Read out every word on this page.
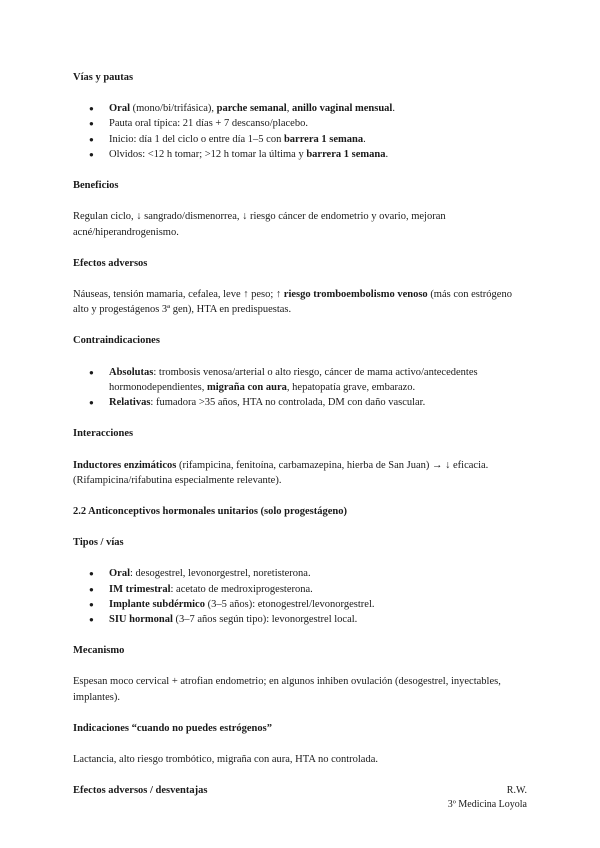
Vías y pautas
● Oral (mono/bi/trifásica), parche semanal, anillo vaginal mensual.
● Pauta oral típica: 21 días + 7 descanso/placebo.
● Inicio: día 1 del ciclo o entre día 1–5 con barrera 1 semana.
● Olvidos: <12 h tomar; >12 h tomar la última y barrera 1 semana.
Beneficios
Regulan ciclo, ↓ sangrado/dismenorrea, ↓ riesgo cáncer de endometrio y ovario, mejoran acné/hiperandrogenismo.
Efectos adversos
Náuseas, tensión mamaria, cefalea, leve ↑ peso; ↑ riesgo tromboembolismo venoso (más con estrógeno alto y progestágenos 3ª gen), HTA en predispuestas.
Contraindicaciones
● Absolutas: trombosis venosa/arterial o alto riesgo, cáncer de mama activo/antecedentes hormonodependientes, migraña con aura, hepatopatía grave, embarazo.
● Relativas: fumadora >35 años, HTA no controlada, DM con daño vascular.
Interacciones
Inductores enzimáticos (rifampicina, fenitoína, carbamazepina, hierba de San Juan) → ↓ eficacia. (Rifampicina/rifabutina especialmente relevante).
2.2 Anticonceptivos hormonales unitarios (solo progestágeno)
Tipos / vías
● Oral: desogestrel, levonorgestrel, noretisterona.
● IM trimestral: acetato de medroxiprogesterona.
● Implante subdérmico (3–5 años): etonogestrel/levonorgestrel.
● SIU hormonal (3–7 años según tipo): levonorgestrel local.
Mecanismo
Espesan moco cervical + atrofian endometrio; en algunos inhiben ovulación (desogestrel, inyectables, implantes).
Indicaciones “cuando no puedes estrógenos”
Lactancia, alto riesgo trombótico, migraña con aura, HTA no controlada.
Efectos adversos / desventajas	R.W.
3º Medicina Loyola
